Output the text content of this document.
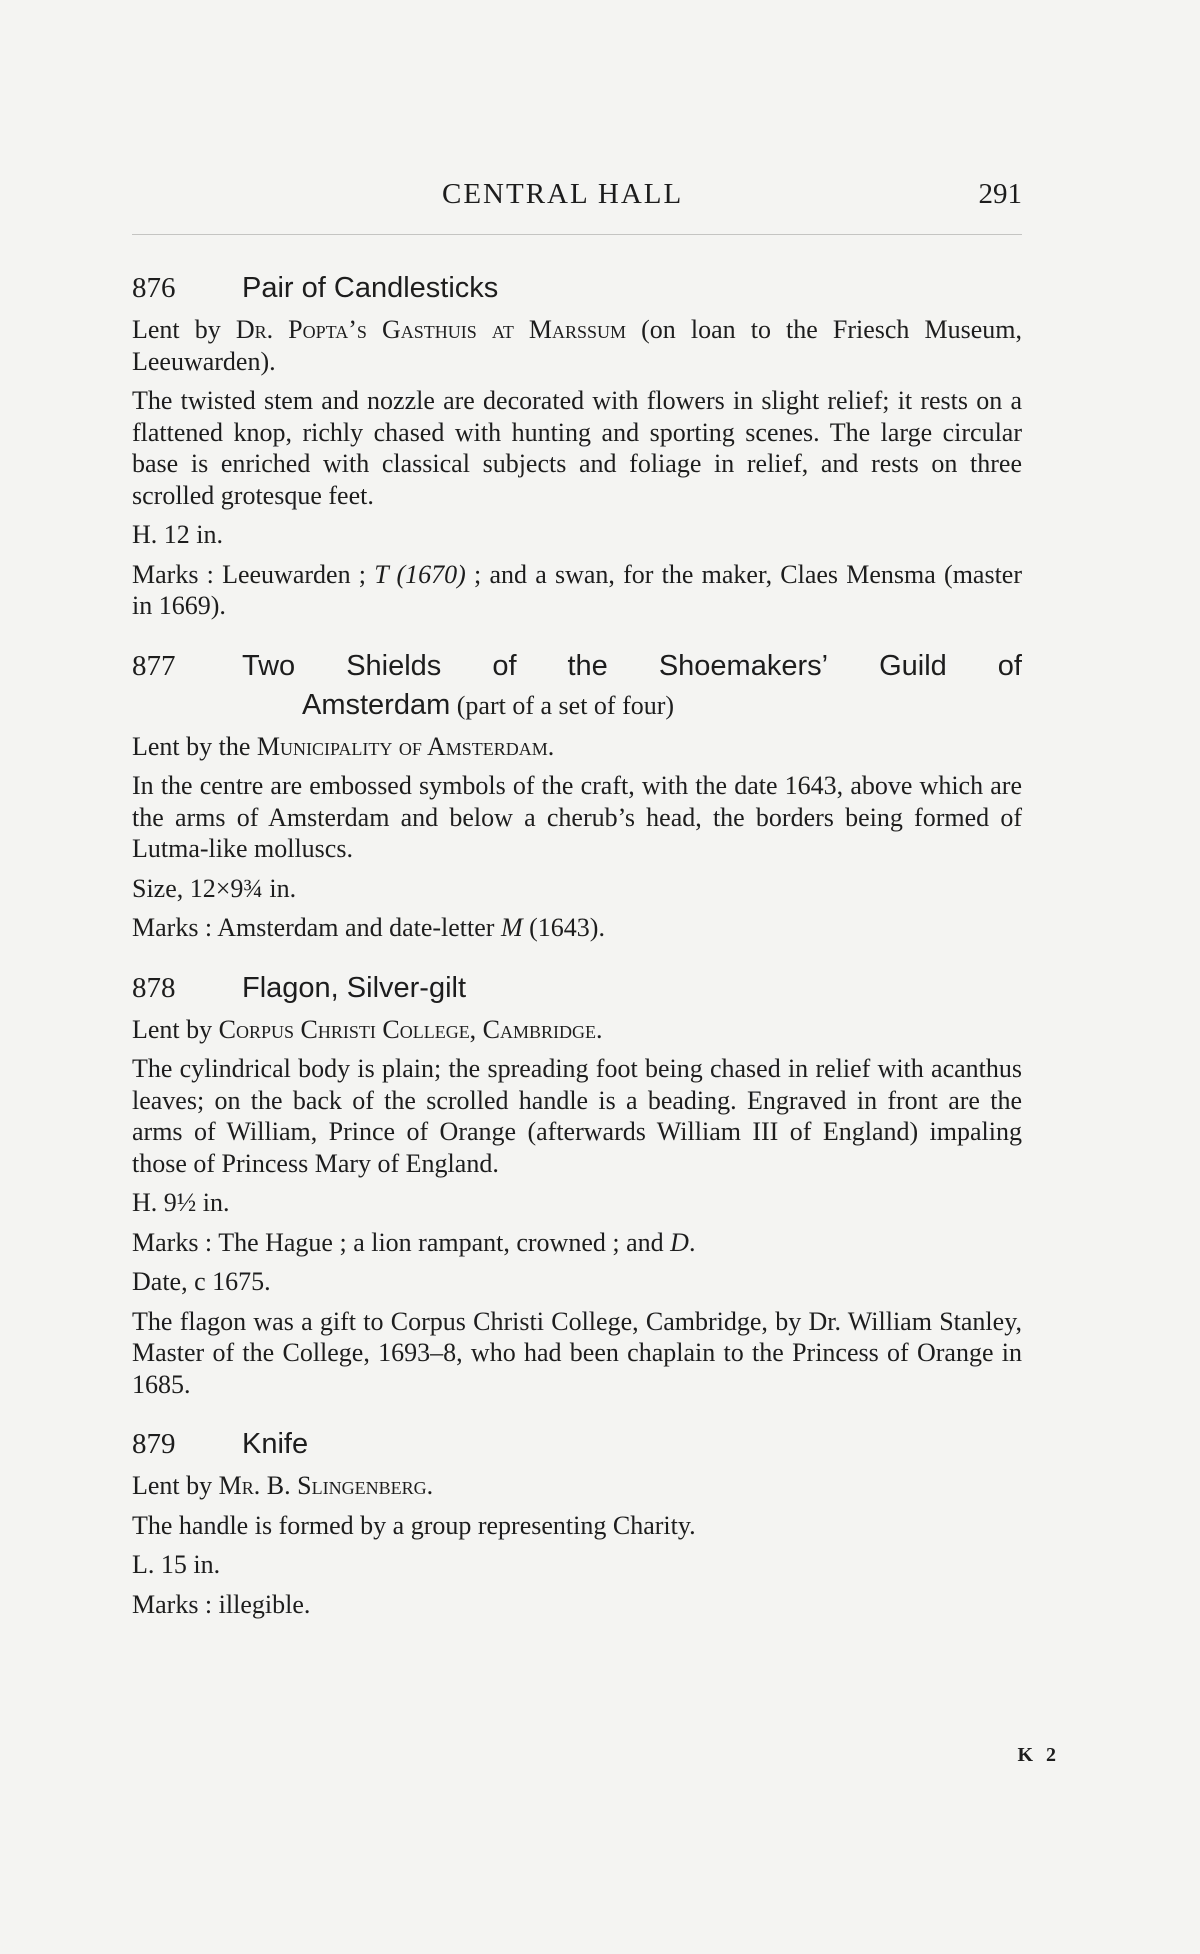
CENTRAL HALL	291
876	Pair of Candlesticks

Lent by Dr. Popta’s Gasthuis at Marssum (on loan to the Friesch Museum, Leeuwarden).

The twisted stem and nozzle are decorated with flowers in slight relief; it rests on a flattened knop, richly chased with hunting and sporting scenes. The large circular base is enriched with classical subjects and foliage in relief, and rests on three scrolled grotesque feet.

H. 12 in.

Marks : Leeuwarden ; T (1670) ; and a swan, for the maker, Claes Mensma (master in 1669).

877	Two Shields of the Shoemakers’ Guild of
Amsterdam (part of a set of four)

Lent by the Municipality of Amsterdam.

In the centre are embossed symbols of the craft, with the date 1643, above which are the arms of Amsterdam and below a cherub’s head, the borders being formed of Lutma-like molluscs.

Size, 12×9¾ in.

Marks : Amsterdam and date-letter M (1643).

878	Flagon, Silver-gilt

Lent by Corpus Christi College, Cambridge.

The cylindrical body is plain; the spreading foot being chased in relief with acanthus leaves; on the back of the scrolled handle is a beading. Engraved in front are the arms of William, Prince of Orange (afterwards William III of England) impaling those of Princess Mary of England.

H. 9½ in.

Marks : The Hague ; a lion rampant, crowned ; and D.

Date, c 1675.

The flagon was a gift to Corpus Christi College, Cambridge, by Dr. William Stanley, Master of the College, 1693–8, who had been chaplain to the Princess of Orange in 1685.

879	Knife

Lent by Mr. B. Slingenberg.

The handle is formed by a group representing Charity.

L. 15 in.

Marks : illegible.

K 2
